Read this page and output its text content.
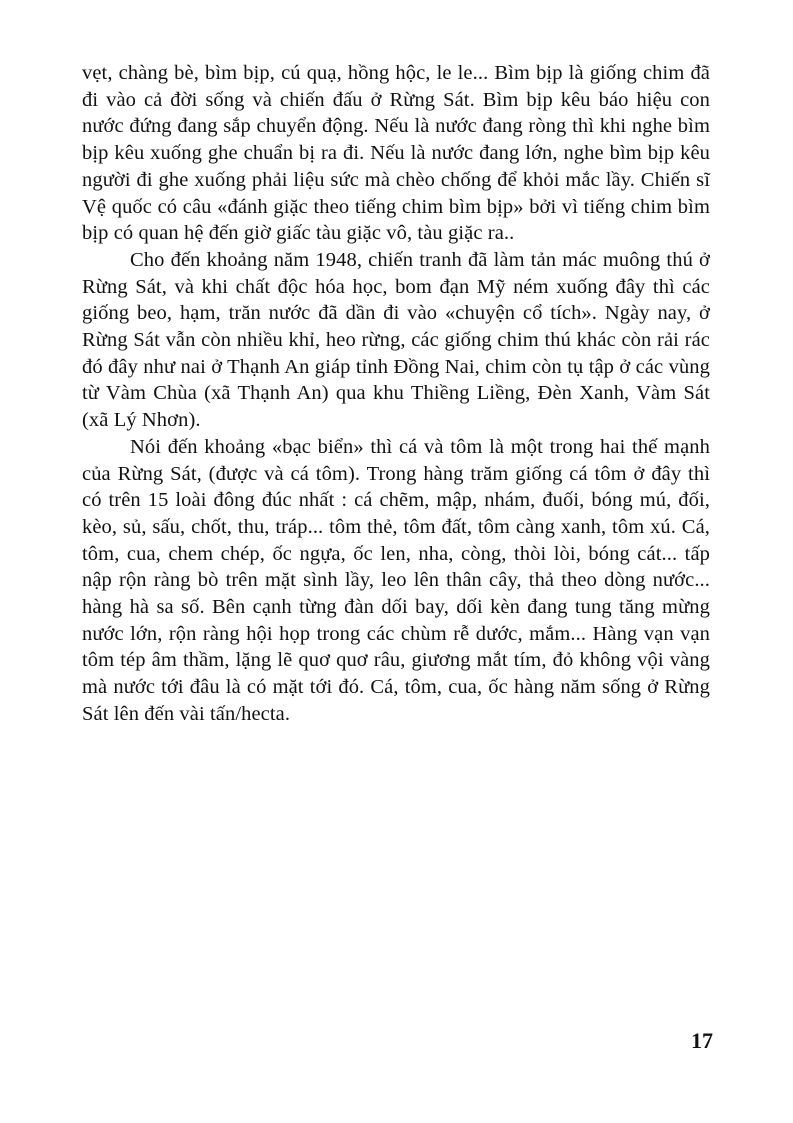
vẹt, chàng bè, bìm bịp, cú quạ, hồng hộc, le le... Bìm bịp là giống chim đã đi vào cả đời sống và chiến đấu ở Rừng Sát. Bìm bịp kêu báo hiệu con nước đứng đang sắp chuyển động. Nếu là nước đang ròng thì khi nghe bìm bịp kêu xuống ghe chuẩn bị ra đi. Nếu là nước đang lớn, nghe bìm bịp kêu người đi ghe xuống phải liệu sức mà chèo chống để khỏi mắc lầy. Chiến sĩ Vệ quốc có câu «đánh giặc theo tiếng chim bìm bịp» bởi vì tiếng chim bìm bịp có quan hệ đến giờ giấc tàu giặc vô, tàu giặc ra..

Cho đến khoảng năm 1948, chiến tranh đã làm tản mác muông thú ở Rừng Sát, và khi chất độc hóa học, bom đạn Mỹ ném xuống đây thì các giống beo, hạm, trăn nước đã dần đi vào «chuyện cổ tích». Ngày nay, ở Rừng Sát vẫn còn nhiều khỉ, heo rừng, các giống chim thú khác còn rải rác đó đây như nai ở Thạnh An giáp tỉnh Đồng Nai, chim còn tụ tập ở các vùng từ Vàm Chùa (xã Thạnh An) qua khu Thiềng Liềng, Đèn Xanh, Vàm Sát (xã Lý Nhơn).

Nói đến khoảng «bạc biển» thì cá và tôm là một trong hai thế mạnh của Rừng Sát, (được và cá tôm). Trong hàng trăm giống cá tôm ở đây thì có trên 15 loài đông đúc nhất : cá chẽm, mập, nhám, đuối, bóng mú, đối, kèo, sủ, sấu, chốt, thu, tráp... tôm thẻ, tôm đất, tôm càng xanh, tôm xú. Cá, tôm, cua, chem chép, ốc ngựa, ốc len, nha, còng, thòi lòi, bóng cát... tấp nập rộn ràng bò trên mặt sình lầy, leo lên thân cây, thả theo dòng nước... hàng hà sa số. Bên cạnh từng đàn dối bay, dối kèn đang tung tăng mừng nước lớn, rộn ràng hội họp trong các chùm rễ dước, mắm... Hàng vạn vạn tôm tép âm thầm, lặng lẽ quơ quơ râu, giương mắt tím, đỏ không vội vàng mà nước tới đâu là có mặt tới đó. Cá, tôm, cua, ốc hàng năm sống ở Rừng Sát lên đến vài tấn/hecta.

17
